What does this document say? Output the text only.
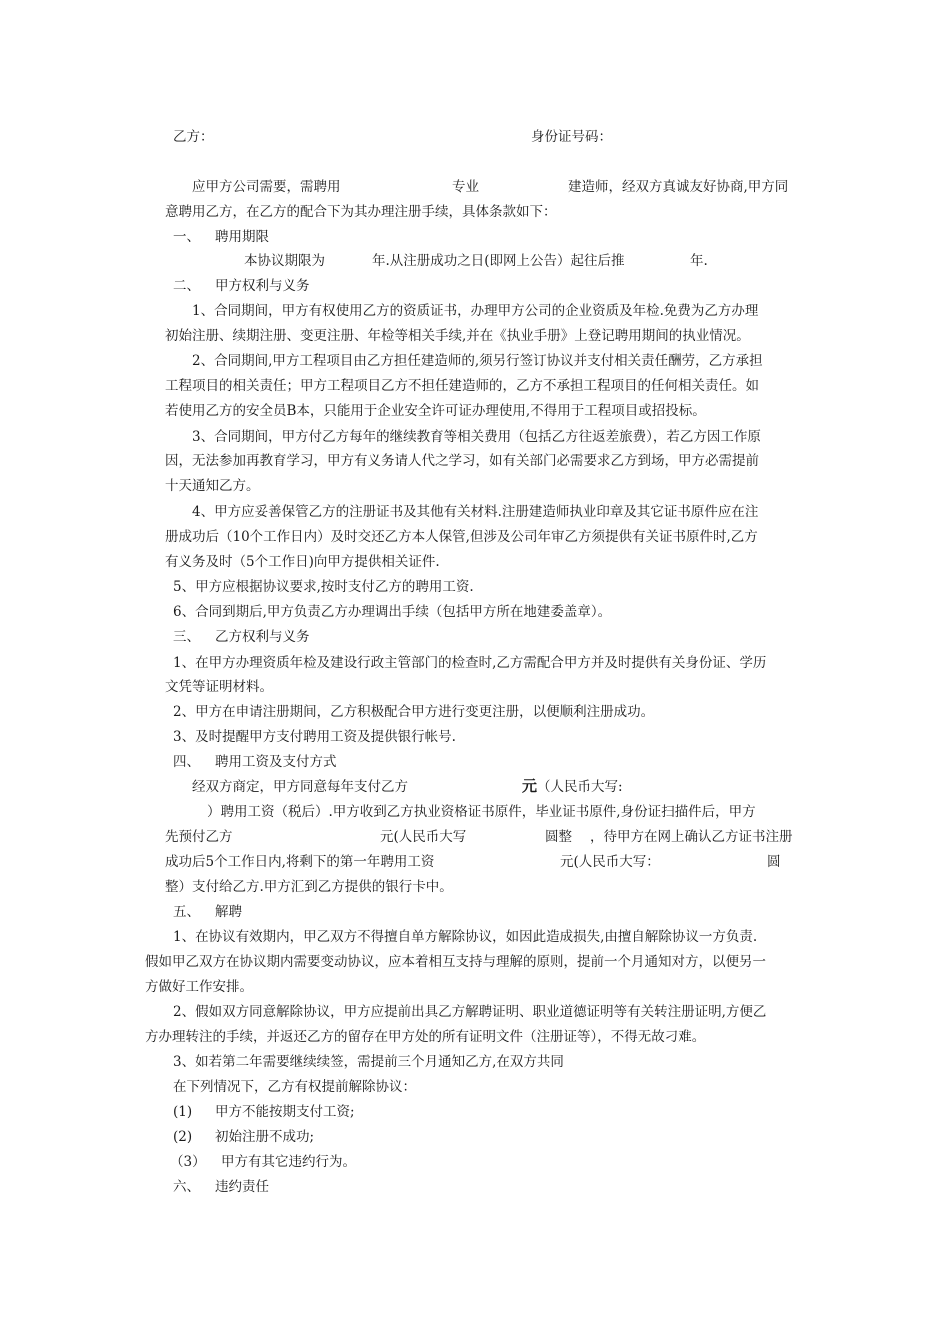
乙方：	身份证号码：
应甲方公司需要，需聘用	专业	建造师，经双方真诚友好协商,甲方同
意聘用乙方，在乙方的配合下为其办理注册手续，具体条款如下：
一、 聘用期限
本协议期限为	年.从注册成功之日(即网上公告）起往后推	年.
二、 甲方权利与义务
1、合同期间，甲方有权使用乙方的资质证书，办理甲方公司的企业资质及年检.免费为乙方办理
初始注册、续期注册、变更注册、年检等相关手续,并在《执业手册》上登记聘用期间的执业情况。
2、合同期间,甲方工程项目由乙方担任建造师的,须另行签订协议并支付相关责任酬劳，乙方承担
工程项目的相关责任；甲方工程项目乙方不担任建造师的，乙方不承担工程项目的任何相关责任。如
若使用乙方的安全员B本，只能用于企业安全许可证办理使用,不得用于工程项目或招投标。
3、合同期间，甲方付乙方每年的继续教育等相关费用（包括乙方往返差旅费），若乙方因工作原
因，无法参加再教育学习，甲方有义务请人代之学习，如有关部门必需要求乙方到场，甲方必需提前
十天通知乙方。
4、甲方应妥善保管乙方的注册证书及其他有关材料.注册建造师执业印章及其它证书原件应在注
册成功后（10个工作日内）及时交还乙方本人保管,但涉及公司年审乙方须提供有关证书原件时,乙方
有义务及时（5个工作日)向甲方提供相关证件.
5、甲方应根据协议要求,按时支付乙方的聘用工资.
6、合同到期后,甲方负责乙方办理调出手续（包括甲方所在地建委盖章）。
三、 乙方权利与义务
1、在甲方办理资质年检及建设行政主管部门的检查时,乙方需配合甲方并及时提供有关身份证、学历
文凭等证明材料。
2、甲方在申请注册期间，乙方积极配合甲方进行变更注册，以便顺利注册成功。
3、及时提醒甲方支付聘用工资及提供银行帐号.
四、 聘用工资及支付方式
经双方商定，甲方同意每年支付乙方	元 （人民币大写:
）聘用工资（税后）.甲方收到乙方执业资格证书原件，毕业证书原件,身份证扫描件后，甲方
先预付乙方	元(人民币大写	圆整 ，待甲方在网上确认乙方证书注册
成功后5个工作日内,将剩下的第一年聘用工资	元(人民币大写：	圆
整）支付给乙方.甲方汇到乙方提供的银行卡中。
五、 解聘
1、在协议有效期内，甲乙双方不得擅自单方解除协议，如因此造成损失,由擅自解除协议一方负责.
假如甲乙双方在协议期内需要变动协议，应本着相互支持与理解的原则，提前一个月通知对方，以便另一
方做好工作安排。
2、假如双方同意解除协议，甲方应提前出具乙方解聘证明、职业道德证明等有关转注册证明,方便乙
方办理转注的手续，并返还乙方的留存在甲方处的所有证明文件（注册证等），不得无故刁难。
3、如若第二年需要继续续签，需提前三个月通知乙方,在双方共同
在下列情况下，乙方有权提前解除协议：
(1) 甲方不能按期支付工资;
(2) 初始注册不成功;
（3） 甲方有其它违约行为。
六、 违约责任
